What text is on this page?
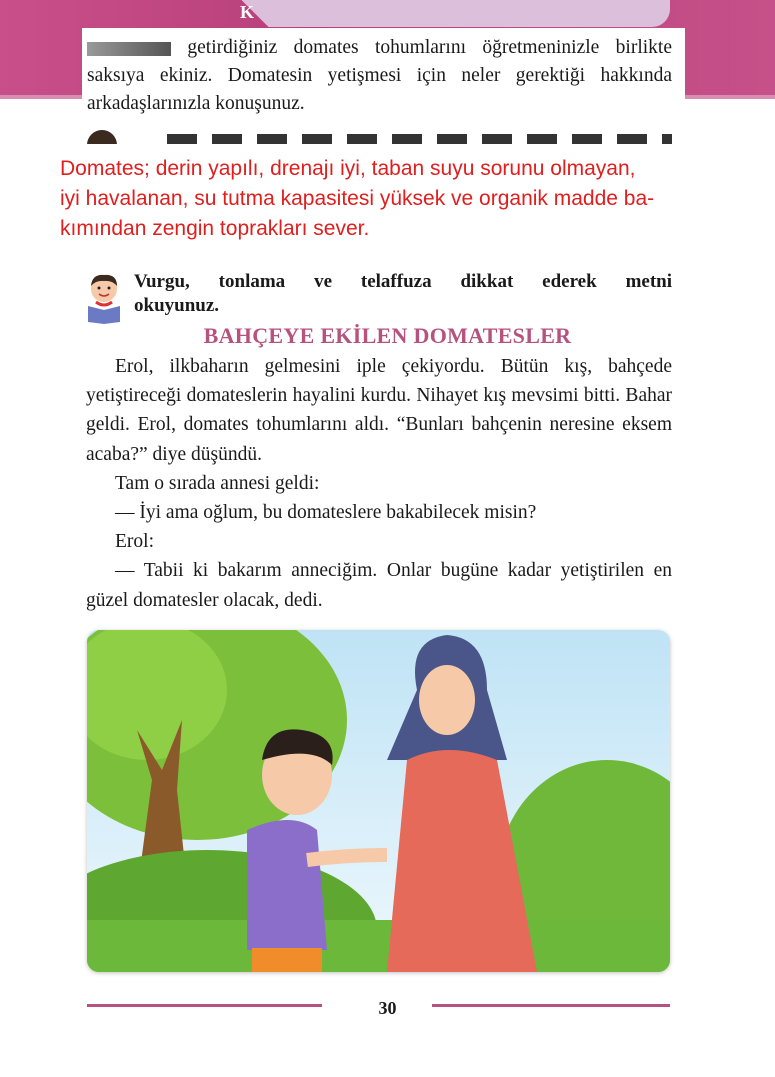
K
getirdiğiniz domates tohumlarını öğretmeninizle birlikte saksıya ekiniz. Domatesin yetişmesi için neler gerektiği hakkında arkadaşlarınızla konuşunuz.
Domates; derin yapılı, drenajı iyi, taban suyu sorunu olmayan,
iyi havalanan, su tutma kapasitesi yüksek ve organik madde ba-
kımından zengin toprakları sever.
Vurgu, tonlama ve telaffuza dikkat ederek metni
okuyunuz.
BAHÇEYE EKİLEN DOMATESLER

Erol, ilkbaharın gelmesini iple çekiyordu. Bütün kış, bahçede yetiştireceği domateslerin hayalini kurdu. Nihayet kış mevsimi bitti. Bahar geldi. Erol, domates tohumlarını aldı. “Bunları bahçenin neresine eksem acaba?” diye düşündü.

Tam o sırada annesi geldi:

— İyi ama oğlum, bu domateslere bakabilecek misin?

Erol:

— Tabii ki bakarım anneciğim. Onlar bugüne kadar yetiştirilen en güzel domatesler olacak, dedi.

30
